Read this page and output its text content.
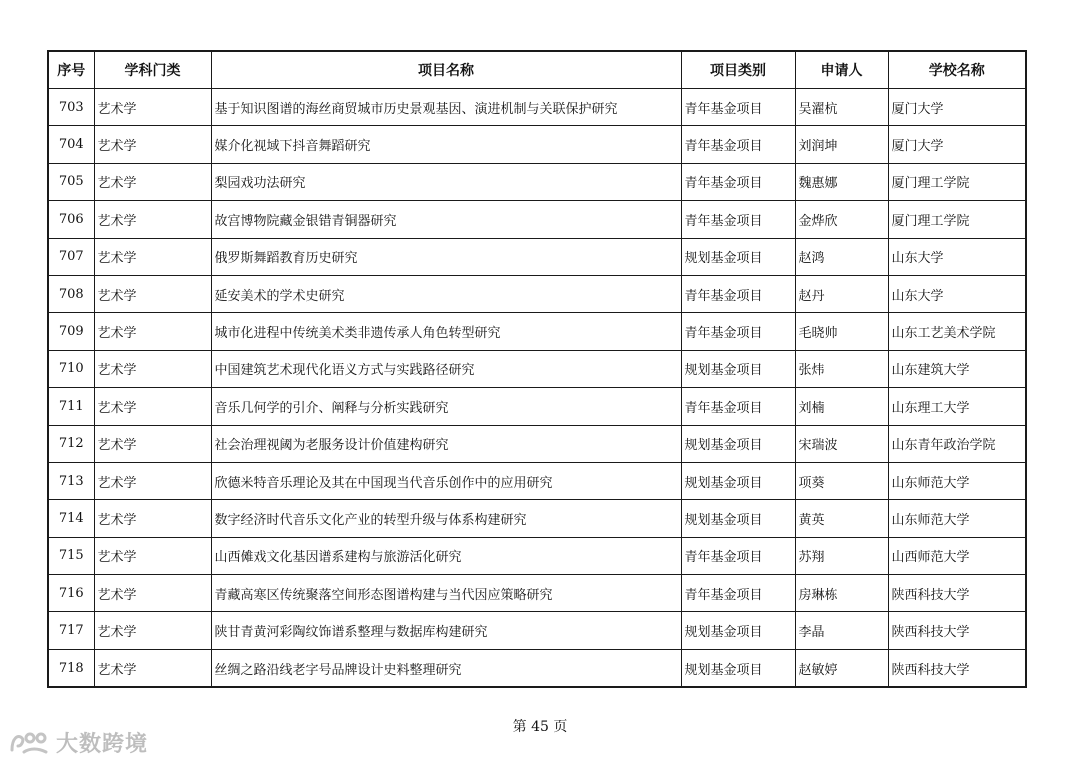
序号	学科门类	项目名称	项目类别	申请人	学校名称
703	艺术学	基于知识图谱的海丝商贸城市历史景观基因、演进机制与关联保护研究	青年基金项目	吴濯杭	厦门大学
704	艺术学	媒介化视域下抖音舞蹈研究	青年基金项目	刘润坤	厦门大学
705	艺术学	梨园戏功法研究	青年基金项目	魏惠娜	厦门理工学院
706	艺术学	故宫博物院藏金银错青铜器研究	青年基金项目	金烨欣	厦门理工学院
707	艺术学	俄罗斯舞蹈教育历史研究	规划基金项目	赵鸿	山东大学
708	艺术学	延安美术的学术史研究	青年基金项目	赵丹	山东大学
709	艺术学	城市化进程中传统美术类非遗传承人角色转型研究	青年基金项目	毛晓帅	山东工艺美术学院
710	艺术学	中国建筑艺术现代化语义方式与实践路径研究	规划基金项目	张炜	山东建筑大学
711	艺术学	音乐几何学的引介、阐释与分析实践研究	青年基金项目	刘楠	山东理工大学
712	艺术学	社会治理视阈为老服务设计价值建构研究	规划基金项目	宋瑞波	山东青年政治学院
713	艺术学	欣德米特音乐理论及其在中国现当代音乐创作中的应用研究	规划基金项目	项葵	山东师范大学
714	艺术学	数字经济时代音乐文化产业的转型升级与体系构建研究	规划基金项目	黄英	山东师范大学
715	艺术学	山西傩戏文化基因谱系建构与旅游活化研究	青年基金项目	苏翔	山西师范大学
716	艺术学	青藏高寒区传统聚落空间形态图谱构建与当代因应策略研究	青年基金项目	房琳栋	陕西科技大学
717	艺术学	陕甘青黄河彩陶纹饰谱系整理与数据库构建研究	规划基金项目	李晶	陕西科技大学
718	艺术学	丝绸之路沿线老字号品牌设计史料整理研究	规划基金项目	赵敏婷	陕西科技大学
第 45 页
大数跨境
